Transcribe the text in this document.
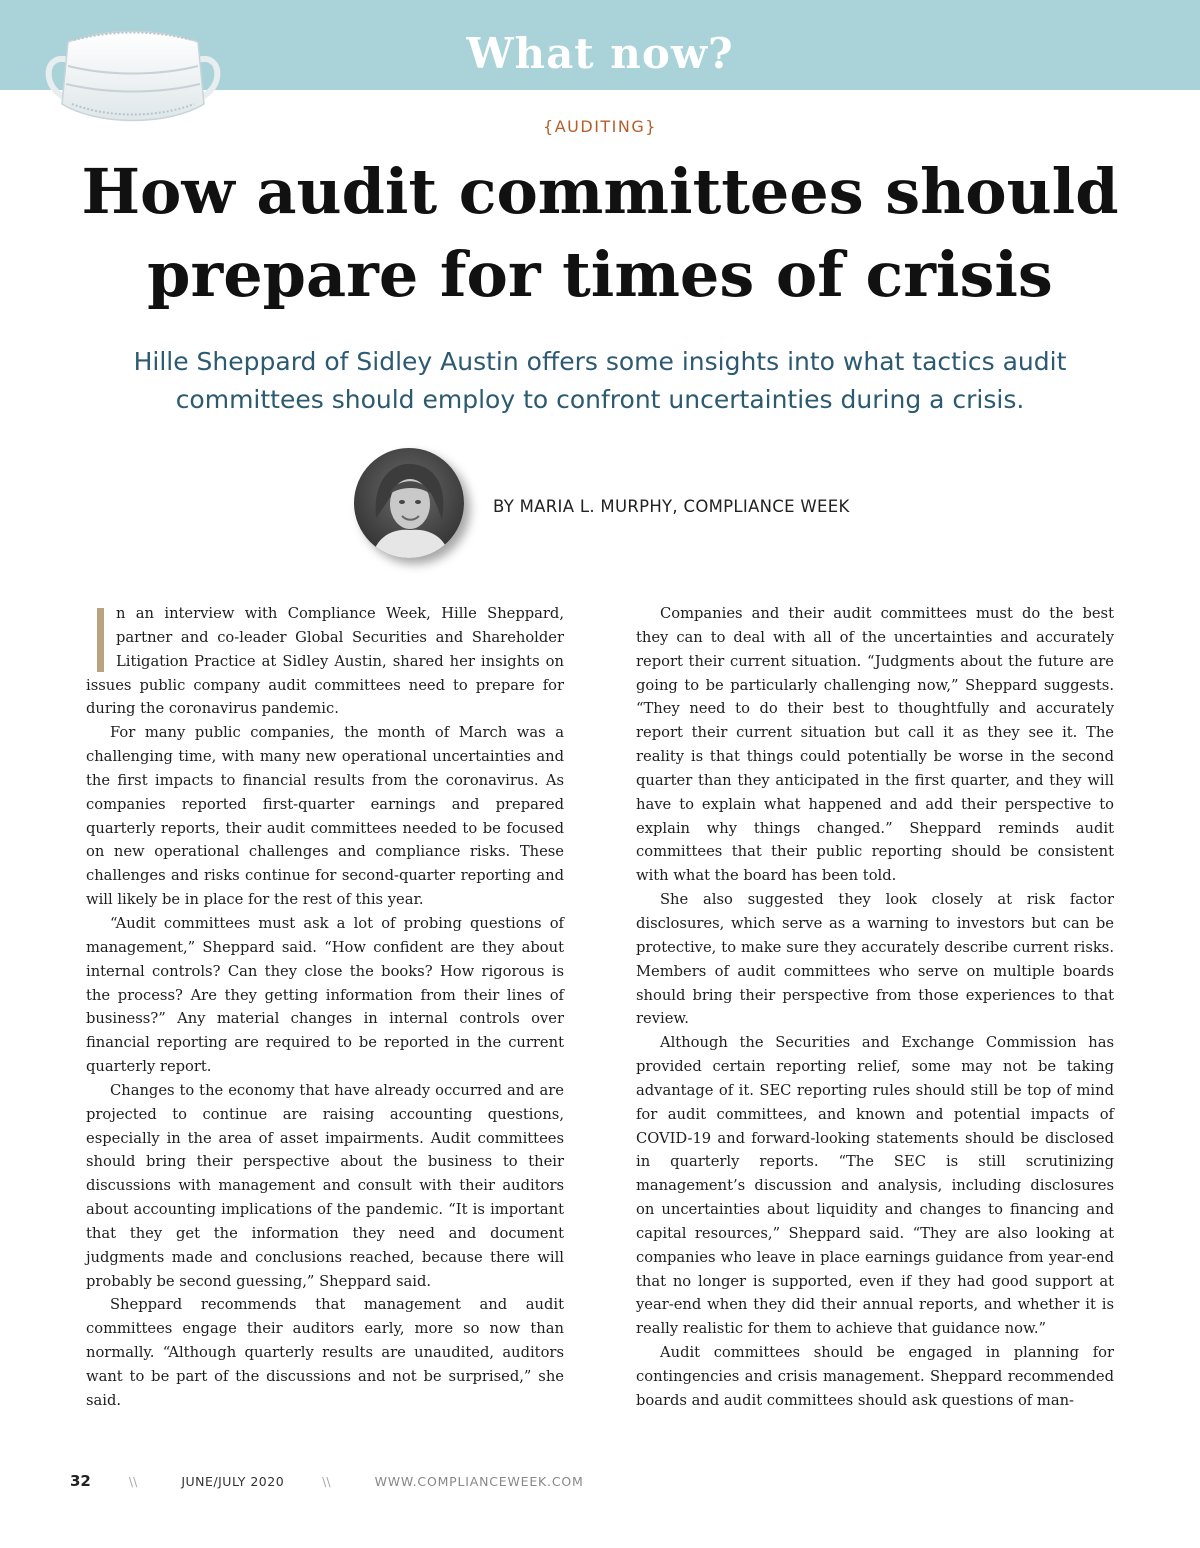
What now?
{AUDITING}
How audit committees should prepare for times of crisis

Hille Sheppard of Sidley Austin offers some insights into what tactics audit committees should employ to confront uncertainties during a crisis.

BY MARIA L. MURPHY, COMPLIANCE WEEK

n an interview with Compliance Week, Hille Sheppard, partner and co-leader Global Securities and Shareholder Litigation Practice at Sidley Austin, shared her insights on issues public company audit committees need to prepare for during the coronavirus pandemic.

For many public companies, the month of March was a challenging time, with many new operational uncertainties and the first impacts to financial results from the coronavirus. As companies reported first-quarter earnings and prepared quarterly reports, their audit committees needed to be focused on new operational challenges and compliance risks. These challenges and risks continue for second-quarter reporting and will likely be in place for the rest of this year.

“Audit committees must ask a lot of probing questions of management,” Sheppard said. “How confident are they about internal controls? Can they close the books? How rigorous is the process? Are they getting information from their lines of business?” Any material changes in internal controls over financial reporting are required to be reported in the current quarterly report.

Changes to the economy that have already occurred and are projected to continue are raising accounting questions, especially in the area of asset impairments. Audit committees should bring their perspective about the business to their discussions with management and consult with their auditors about accounting implications of the pandemic. “It is important that they get the information they need and document judgments made and conclusions reached, because there will probably be second guessing,” Sheppard said.

Sheppard recommends that management and audit committees engage their auditors early, more so now than normally. “Although quarterly results are unaudited, auditors want to be part of the discussions and not be surprised,” she said.

Companies and their audit committees must do the best they can to deal with all of the uncertainties and accurately report their current situation. “Judgments about the future are going to be particularly challenging now,” Sheppard suggests. “They need to do their best to thoughtfully and accurately report their current situation but call it as they see it. The reality is that things could potentially be worse in the second quarter than they anticipated in the first quarter, and they will have to explain what happened and add their perspective to explain why things changed.” Sheppard reminds audit committees that their public reporting should be consistent with what the board has been told.

She also suggested they look closely at risk factor disclosures, which serve as a warning to investors but can be protective, to make sure they accurately describe current risks. Members of audit committees who serve on multiple boards should bring their perspective from those experiences to that review.

Although the Securities and Exchange Commission has provided certain reporting relief, some may not be taking advantage of it. SEC reporting rules should still be top of mind for audit committees, and known and potential impacts of COVID-19 and forward-looking statements should be disclosed in quarterly reports. “The SEC is still scrutinizing management’s discussion and analysis, including disclosures on uncertainties about liquidity and changes to financing and capital resources,” Sheppard said. “They are also looking at companies who leave in place earnings guidance from year-end that no longer is supported, even if they had good support at year-end when they did their annual reports, and whether it is really realistic for them to achieve that guidance now.”

Audit committees should be engaged in planning for contingencies and crisis management. Sheppard recommended boards and audit committees should ask questions of man-

32	\\	JUNE/JULY 2020	\\	WWW.COMPLIANCEWEEK.COM
